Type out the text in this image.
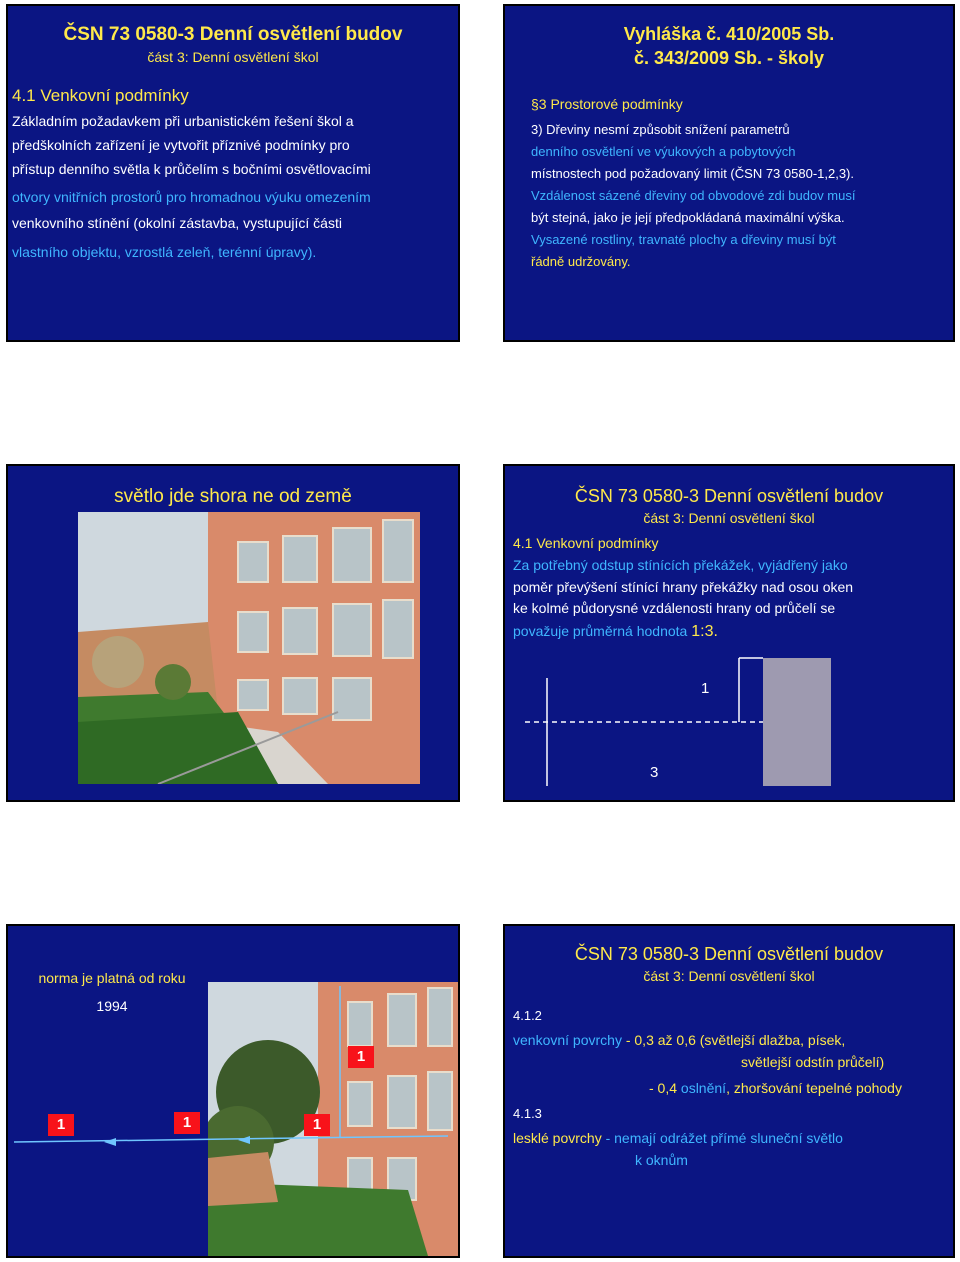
ČSN 73 0580-3 Denní osvětlení budov
část 3: Denní osvětlení škol
4.1 Venkovní podmínky
Základním požadavkem při urbanistickém řešení škol a
předškolních zařízení je vytvořit příznivé podmínky pro
přístup denního světla k průčelím s bočními osvětlovacími
otvory vnitřních prostorů pro hromadnou výuku omezením
venkovního stínění (okolní zástavba, vystupující části
vlastního objektu, vzrostlá zeleň, terénní úpravy).
Vyhláška č. 410/2005 Sb.
č. 343/2009 Sb. - školy
§3 Prostorové podmínky
3) Dřeviny nesmí způsobit snížení parametrů
denního osvětlení ve výukových a pobytových
místnostech pod požadovaný limit (ČSN 73 0580-1,2,3).
Vzdálenost sázené dřeviny od obvodové zdi budov musí
být stejná, jako je její předpokládaná maximální výška.
Vysazené rostliny, travnaté plochy a dřeviny musí být
řádně udržovány.
světlo jde shora ne od země	ČSN 73 0580-3 Denní osvětlení budov
část 3: Denní osvětlení škol
4.1 Venkovní podmínky
Za potřebný odstup stínících překážek, vyjádřený jako
poměr převýšení stínící hrany překážky nad osou oken
ke kolmé půdorysné vzdálenosti hrany od průčelí se
považuje průměrná hodnota 1:3.
1
3
norma je platná od roku
1994
1	1	1
1
ČSN 73 0580-3 Denní osvětlení budov
část 3: Denní osvětlení škol
4.1.2
venkovní povrchy - 0,3 až 0,6 (světlejší dlažba, písek,
světlejší odstín průčelí)
- 0,4 oslnění, zhoršování tepelné pohody
4.1.3
lesklé povrchy - nemají odrážet přímé sluneční světlo
k oknům
